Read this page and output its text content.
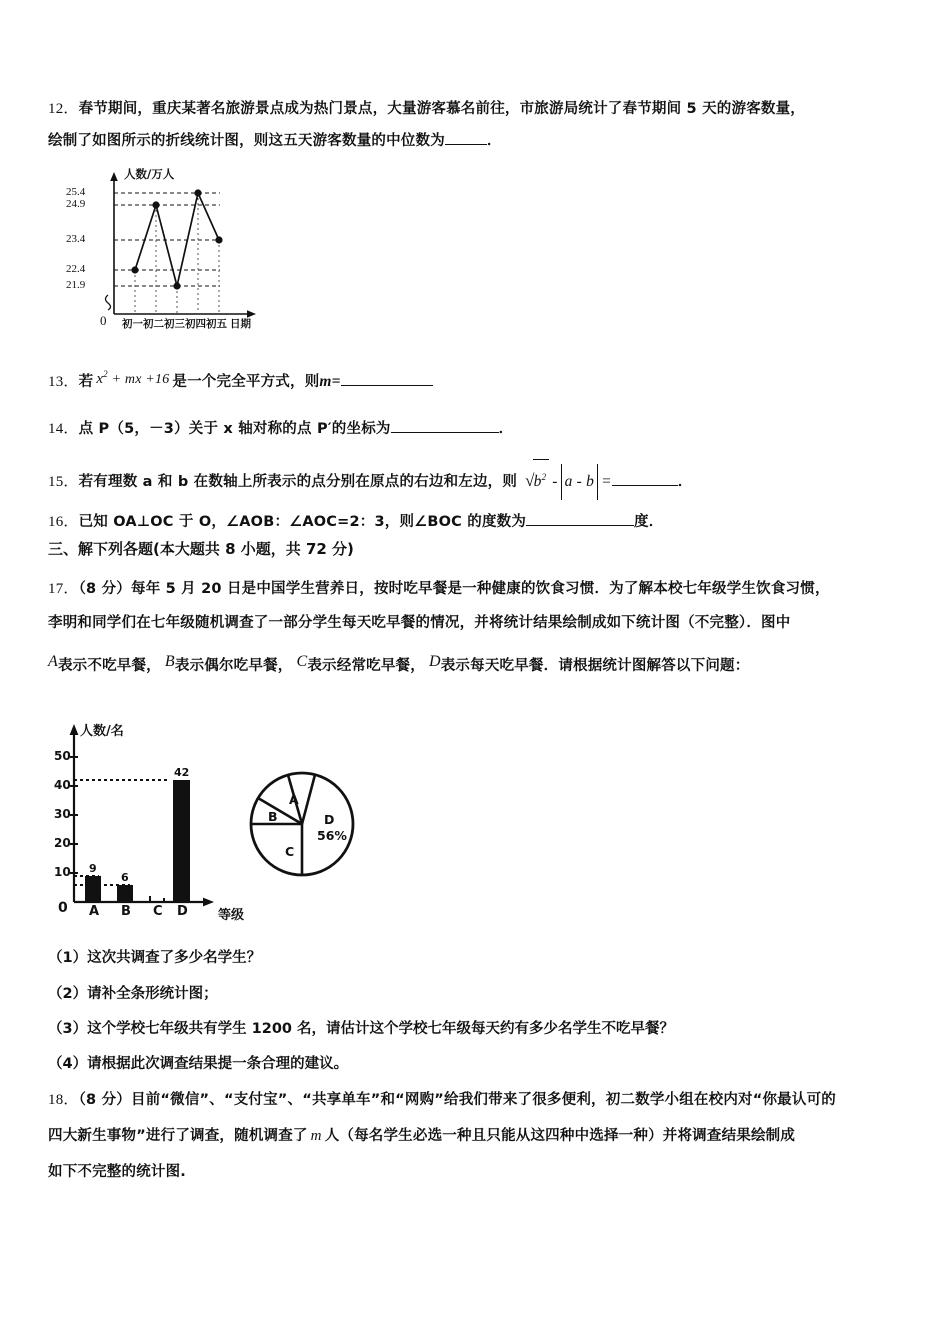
12．春节期间，重庆某著名旅游景点成为热门景点，大量游客慕名前往，市旅游局统计了春节期间 5 天的游客数量，
绘制了如图所示的折线统计图，则这五天游客数量的中位数为	．
人数/万人
25.4
24.9
23.4
22.4
21.9
0 初一 初二 初三 初四 初五 日期
13．若 $x^2$ + mx +16 是一个完全平方式，则m=
14．点 P（5，－3）关于 x 轴对称的点 P′的坐标为	．
15．若有理数 a 和 b 在数轴上所表示的点分别在原点的右边和左边，则 √ $b^2$ - a - b =	．
16．已知 OA⊥OC 于 O，∠AOB：∠AOC=2：3，则∠BOC 的度数为	度．
三、解下列各题(本大题共 8 小题，共 72 分)
17．（8 分）每年 5 月 20 日是中国学生营养日，按时吃早餐是一种健康的饮食习惯．为了解本校七年级学生饮食习惯，
李明和同学们在七年级随机调查了一部分学生每天吃早餐的情况，并将统计结果绘制成如下统计图（不完整）．图中
A表示不吃早餐， B表示偶尔吃早餐， C表示经常吃早餐， D表示每天吃早餐．请根据统计图解答以下问题：
人数/名
10
20
30
40
50
0
9
6
42
A B C D 等级
A
B
C
D
56%
（1）这次共调查了多少名学生？
（2）请补全条形统计图；
（3）这个学校七年级共有学生 1200 名，请估计这个学校七年级每天约有多少名学生不吃早餐？
（4）请根据此次调查结果提一条合理的建议。
18．（8 分）目前“微信”、“支付宝”、“共享单车”和“网购”给我们带来了很多便利，初二数学小组在校内对“你最认可的
四大新生事物”进行了调查，随机调查了 m 人（每名学生必选一种且只能从这四种中选择一种）并将调查结果绘制成
如下不完整的统计图.
